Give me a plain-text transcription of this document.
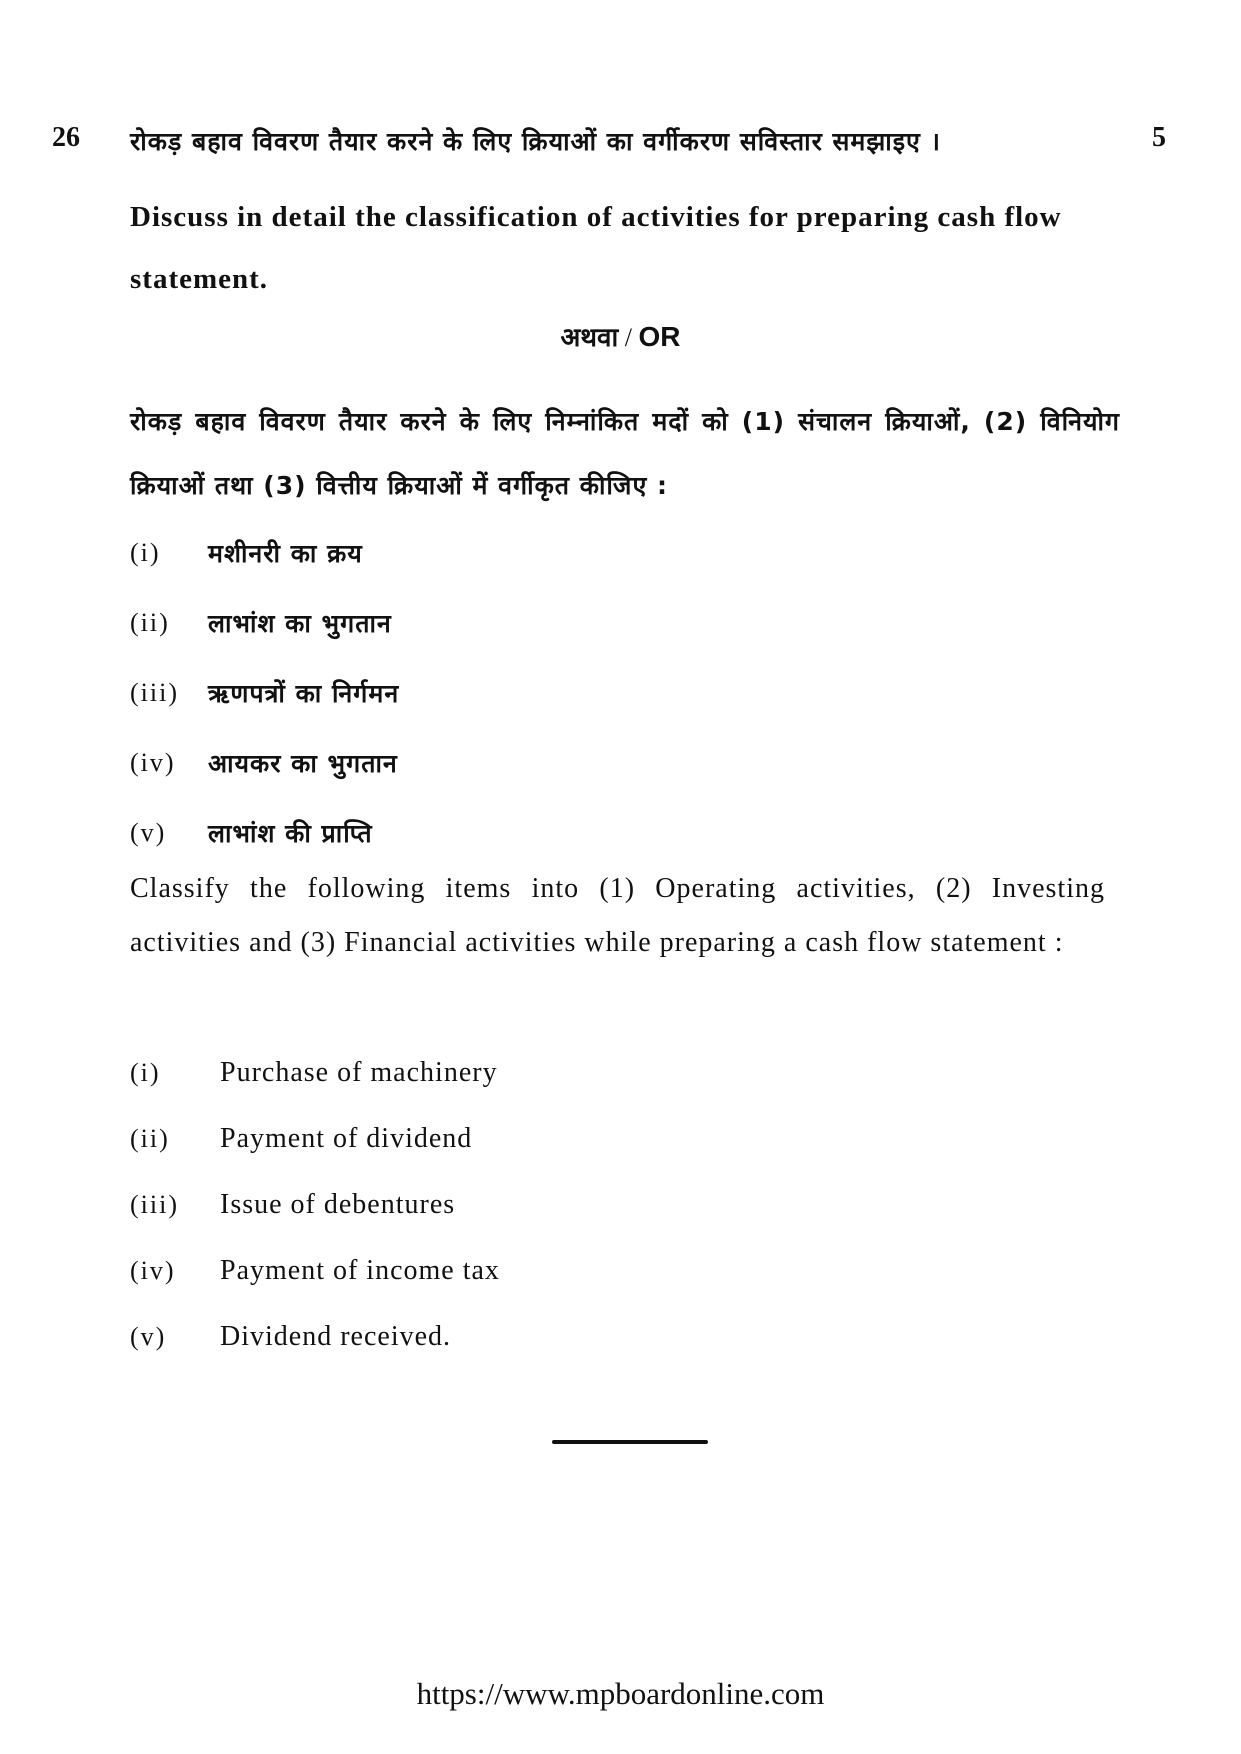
26 रोकड़ बहाव विवरण तैयार करने के लिए क्रियाओं का वर्गीकरण सविस्तार समझाइए ।	5
Discuss in detail the classification of activities for preparing cash flow statement.
अथवा / OR
रोकड़ बहाव विवरण तैयार करने के लिए निम्नांकित मदों को (1) संचालन क्रियाओं, (2) विनियोग क्रियाओं तथा (3) वित्तीय क्रियाओं में वर्गीकृत कीजिए :
(i)	मशीनरी का क्रय
(ii)	लाभांश का भुगतान
(iii)	ऋणपत्रों का निर्गमन
(iv)	आयकर का भुगतान
(v)	लाभांश की प्राप्ति
Classify the following items into (1) Operating activities, (2) Investing activities and (3) Financial activities while preparing a cash flow statement :
(i)	Purchase of machinery
(ii)	Payment of dividend
(iii)	Issue of debentures
(iv)	Payment of income tax
(v)	Dividend received.
https://www.mpboardonline.com
